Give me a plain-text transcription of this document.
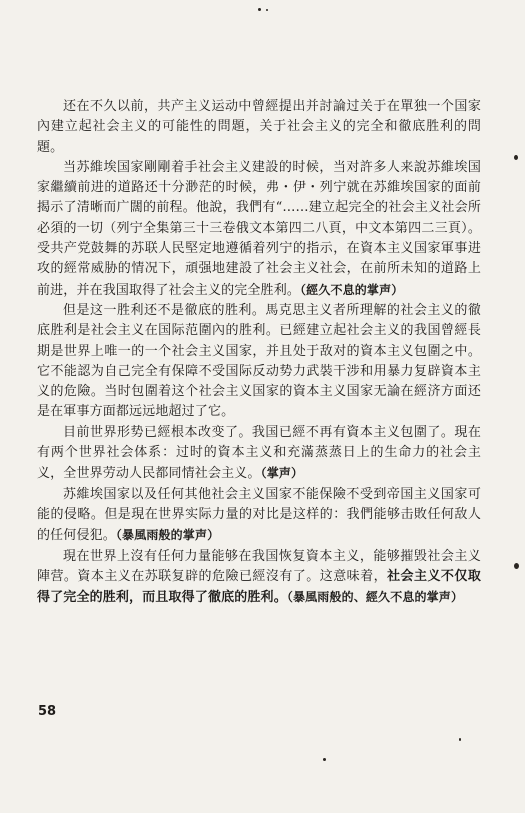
还在不久以前，共产主义运动中曾經提出并討論过关于在單独一个国家內建立起社会主义的可能性的問題，关于社会主义的完全和徹底胜利的問題。

当苏維埃国家剛剛着手社会主义建設的时候，当对許多人来說苏維埃国家繼續前进的道路还十分渺茫的时候，弗・伊・列宁就在苏維埃国家的面前揭示了清晰而广闊的前程。他說，我們有“……建立起完全的社会主义社会所必須的一切（列宁全集第三十三卷俄文本第四二八頁，中文本第四二三頁）。受共产党鼓舞的苏联人民堅定地遵循着列宁的指示，在資本主义国家軍事进攻的經常威胁的情况下，頑强地建設了社会主义社会，在前所未知的道路上前进，并在我国取得了社会主义的完全胜利。（經久不息的掌声）

但是这一胜利还不是徹底的胜利。馬克思主义者所理解的社会主义的徹底胜利是社会主义在国际范圍內的胜利。已經建立起社会主义的我国曾經長期是世界上唯一的一个社会主义国家，并且处于敌对的資本主义包圍之中。它不能認为自己完全有保障不受国际反动势力武裝干涉和用暴力复辟資本主义的危險。当时包圍着这个社会主义国家的資本主义国家无論在經济方面还是在軍事方面都远远地超过了它。

目前世界形势已經根本改变了。我国已經不再有資本主义包圍了。現在有两个世界社会体系：过时的資本主义和充滿蒸蒸日上的生命力的社会主义，全世界劳动人民都同情社会主义。（掌声）

苏維埃国家以及任何其他社会主义国家不能保險不受到帝国主义国家可能的侵略。但是現在世界实际力量的对比是这样的：我們能够击敗任何敌人的任何侵犯。（暴風雨般的掌声）

現在世界上沒有任何力量能够在我国恢复資本主义，能够摧毁社会主义陣营。資本主义在苏联复辟的危險已經沒有了。这意味着，社会主义不仅取得了完全的胜利，而且取得了徹底的胜利。（暴風雨般的、經久不息的掌声）

58
